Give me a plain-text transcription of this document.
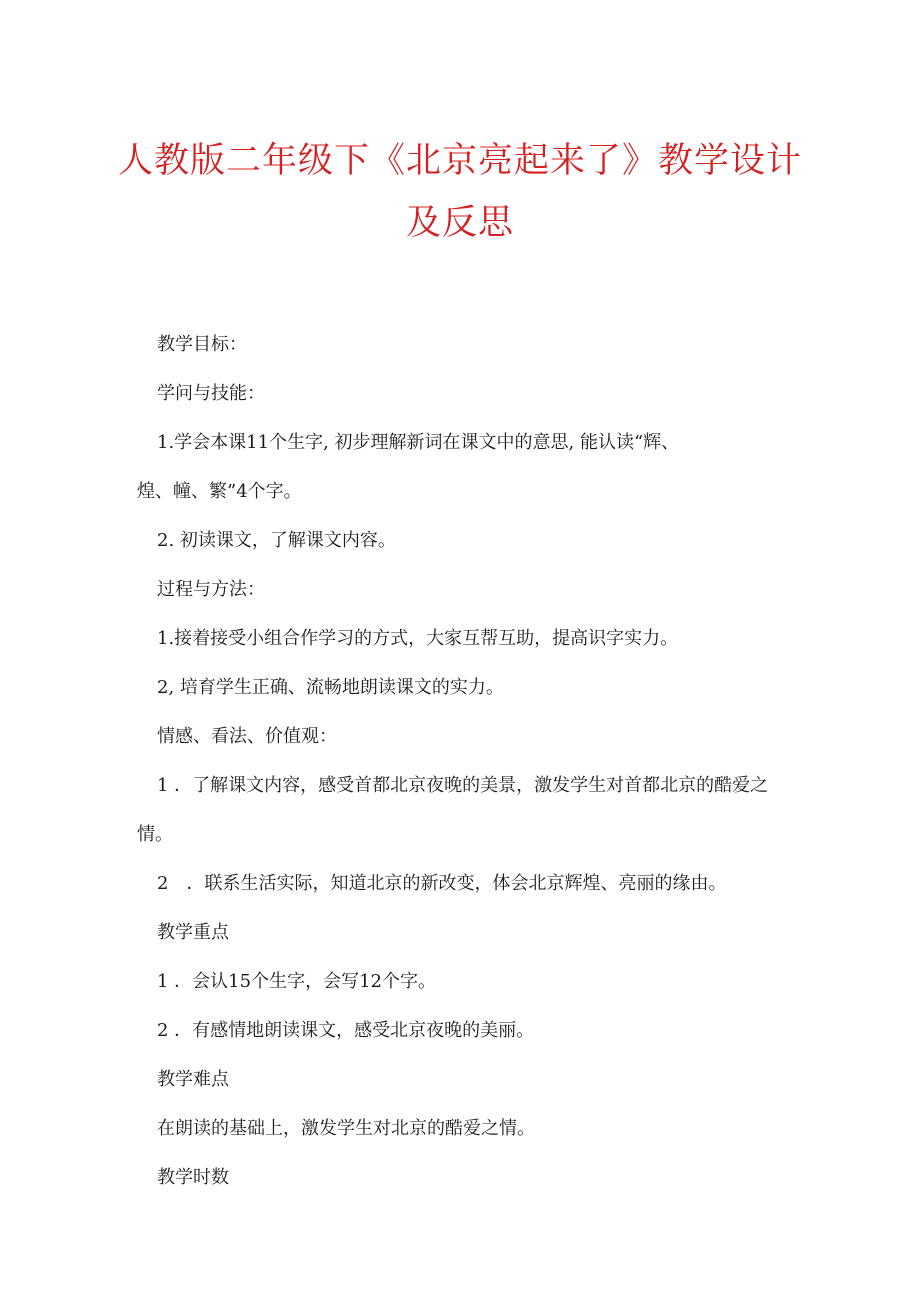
人教版二年级下《北京亮起来了》教学设计
及反思
教学目标：
学问与技能：
1.学会本课11个生字, 初步理解新词在课文中的意思, 能认读“辉、
煌、幢、繁”4个字。
2. 初读课文，了解课文内容。
过程与方法：
1.接着接受小组合作学习的方式，大家互帮互助，提高识字实力。
2, 培育学生正确、流畅地朗读课文的实力。
情感、看法、价值观：
1 ．了解课文内容，感受首都北京夜晚的美景，激发学生对首都北京的酷爱之
情。
2　．联系生活实际，知道北京的新改变，体会北京辉煌、亮丽的缘由。
教学重点
1 ．会认15个生字，会写12个字。
2 ．有感情地朗读课文，感受北京夜晚的美丽。
教学难点
在朗读的基础上，激发学生对北京的酷爱之情。
教学时数
